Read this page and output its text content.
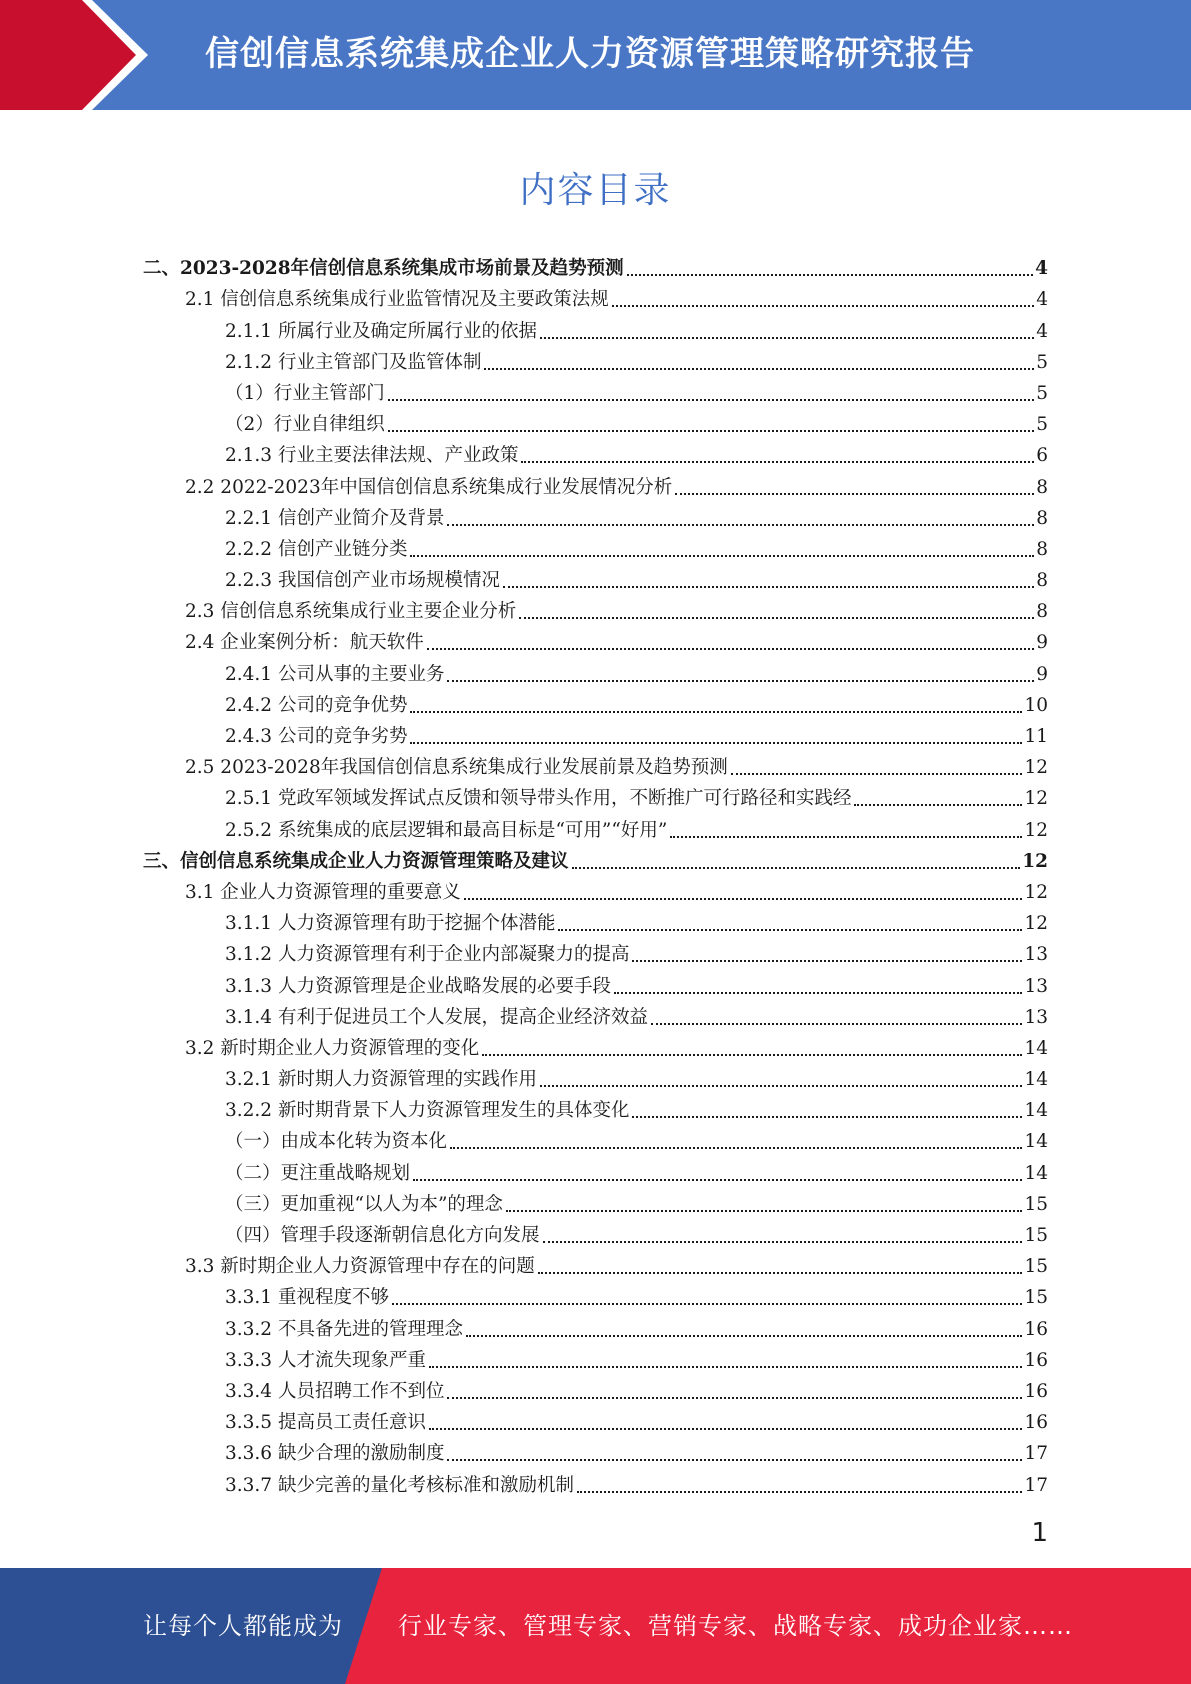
信创信息系统集成企业人力资源管理策略研究报告
内容目录
二、2023-2028年信创信息系统集成市场前景及趋势预测	4
2.1 信创信息系统集成行业监管情况及主要政策法规	4
2.1.1 所属行业及确定所属行业的依据	4
2.1.2 行业主管部门及监管体制	5
（1）行业主管部门	5
（2）行业自律组织	5
2.1.3 行业主要法律法规、产业政策	6
2.2 2022-2023年中国信创信息系统集成行业发展情况分析	8
2.2.1 信创产业简介及背景	8
2.2.2 信创产业链分类	8
2.2.3 我国信创产业市场规模情况	8
2.3 信创信息系统集成行业主要企业分析	8
2.4 企业案例分析：航天软件	9
2.4.1 公司从事的主要业务	9
2.4.2 公司的竞争优势	10
2.4.3 公司的竞争劣势	11
2.5 2023-2028年我国信创信息系统集成行业发展前景及趋势预测	12
2.5.1 党政军领域发挥试点反馈和领导带头作用，不断推广可行路径和实践经	12
2.5.2 系统集成的底层逻辑和最高目标是“可用”“好用”	12
三、信创信息系统集成企业人力资源管理策略及建议	12
3.1 企业人力资源管理的重要意义	12
3.1.1 人力资源管理有助于挖掘个体潜能	12
3.1.2 人力资源管理有利于企业内部凝聚力的提高	13
3.1.3 人力资源管理是企业战略发展的必要手段	13
3.1.4 有利于促进员工个人发展，提高企业经济效益	13
3.2 新时期企业人力资源管理的变化	14
3.2.1 新时期人力资源管理的实践作用	14
3.2.2 新时期背景下人力资源管理发生的具体变化	14
（一）由成本化转为资本化	14
（二）更注重战略规划	14
（三）更加重视“以人为本”的理念	15
（四）管理手段逐渐朝信息化方向发展	15
3.3 新时期企业人力资源管理中存在的问题	15
3.3.1 重视程度不够	15
3.3.2 不具备先进的管理理念	16
3.3.3 人才流失现象严重	16
3.3.4 人员招聘工作不到位	16
3.3.5 提高员工责任意识	16
3.3.6 缺少合理的激励制度	17
3.3.7 缺少完善的量化考核标准和激励机制	17
1
让每个人都能成为 行业专家、管理专家、营销专家、战略专家、成功企业家……
